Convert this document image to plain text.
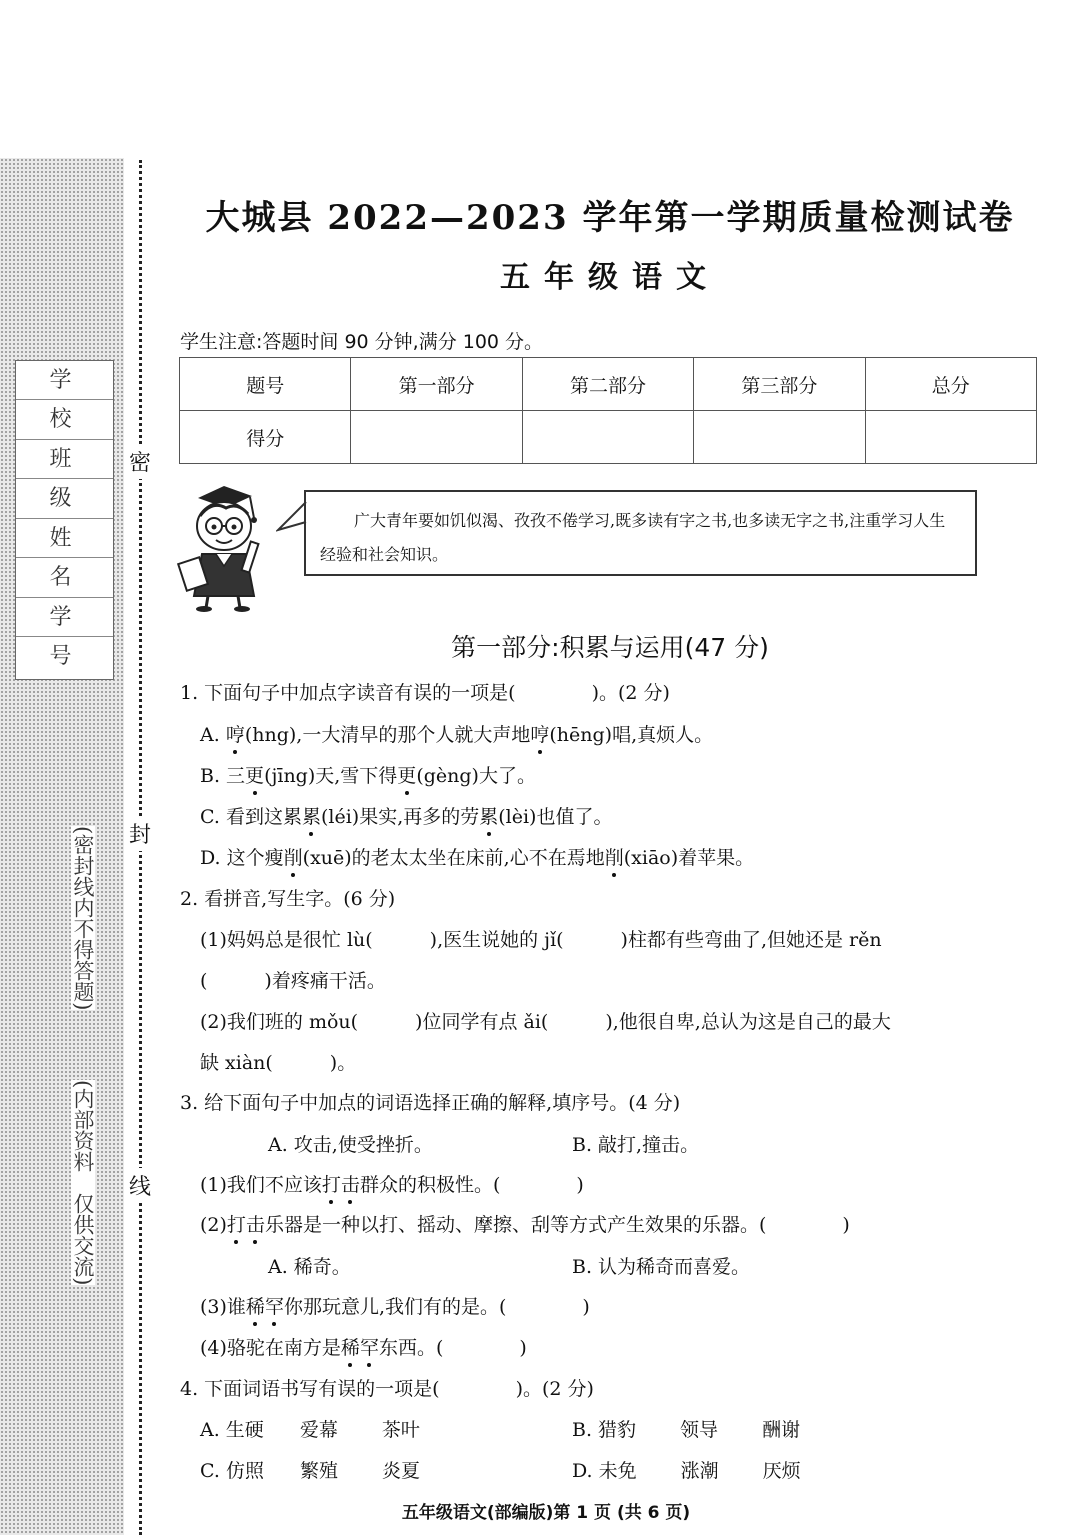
密
封
线
学 校
班 级
姓 名
学 号
(密封线内不得答题)
(内部资料　仅供交流)
大城县 2022—2023 学年第一学期质量检测试卷
五年级语文
学生注意:答题时间 90 分钟,满分 100 分。
题号	第一部分	第二部分	第三部分	总分
得分				
广大青年要如饥似渴、孜孜不倦学习,既多读有字之书,也多读无字之书,注重学习人生经验和社会知识。
第一部分:积累与运用(47 分)
1. 下面句子中加点字读音有误的一项是(　　　　)。(2 分)
A. 哼(hng),一大清早的那个人就大声地哼(hēng)唱,真烦人。
B. 三更(jīng)天,雪下得更(gèng)大了。
C. 看到这累累(léi)果实,再多的劳累(lèi)也值了。
D. 这个瘦削(xuē)的老太太坐在床前,心不在焉地削(xiāo)着苹果。
2. 看拼音,写生字。(6 分)
(1)妈妈总是很忙 lù(　　　),医生说她的 jǐ(　　　)柱都有些弯曲了,但她还是 rěn
(　　　)着疼痛干活。
(2)我们班的 mǒu(　　　)位同学有点 ǎi(　　　),他很自卑,总认为这是自己的最大
缺 xiàn(　　　)。
3. 给下面句子中加点的词语选择正确的解释,填序号。(4 分)
A. 攻击,使受挫折。	B. 敲打,撞击。
(1)我们不应该打击群众的积极性。(　　　　)
(2)打击乐器是一种以打、摇动、摩擦、刮等方式产生效果的乐器。(　　　　)
A. 稀奇。	B. 认为稀奇而喜爱。
(3)谁稀罕你那玩意儿,我们有的是。(　　　　)
(4)骆驼在南方是稀罕东西。(　　　　)
4. 下面词语书写有误的一项是(　　　　)。(2 分)
A. 生硬 爱幕 茶叶	B. 猎豹 领导 酬谢
C. 仿照 繁殖 炎夏	D. 未免 涨潮 厌烦
五年级语文(部编版)第 1 页 (共 6 页)
